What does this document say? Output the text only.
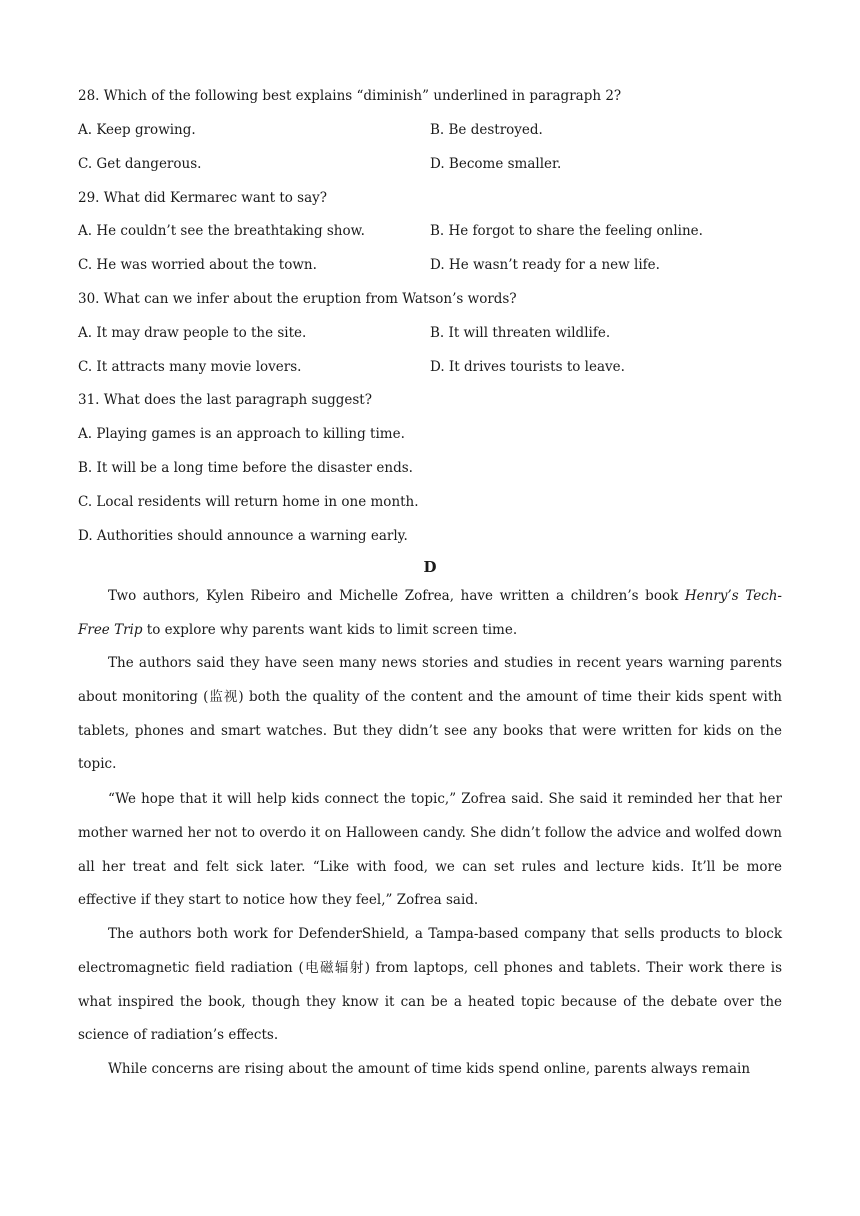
28. Which of the following best explains “diminish” underlined in paragraph 2?
A. Keep growing.	B. Be destroyed.
C. Get dangerous.	D. Become smaller.
29. What did Kermarec want to say?
A. He couldn’t see the breathtaking show.	B. He forgot to share the feeling online.
C. He was worried about the town.	D. He wasn’t ready for a new life.
30. What can we infer about the eruption from Watson’s words?
A. It may draw people to the site.	B. It will threaten wildlife.
C. It attracts many movie lovers.	D. It drives tourists to leave.
31. What does the last paragraph suggest?
A. Playing games is an approach to killing time.
B. It will be a long time before the disaster ends.
C. Local residents will return home in one month.
D. Authorities should announce a warning early.
D
Two authors, Kylen Ribeiro and Michelle Zofrea, have written a children’s book Henry’s Tech-Free Trip to explore why parents want kids to limit screen time.
The authors said they have seen many news stories and studies in recent years warning parents about monitoring (监视) both the quality of the content and the amount of time their kids spent with tablets, phones and smart watches. But they didn’t see any books that were written for kids on the topic.
“We hope that it will help kids connect the topic,” Zofrea said. She said it reminded her that her mother warned her not to overdo it on Halloween candy. She didn’t follow the advice and wolfed down all her treat and felt sick later. “Like with food, we can set rules and lecture kids. It’ll be more effective if they start to notice how they feel,” Zofrea said.
The authors both work for DefenderShield, a Tampa-based company that sells products to block electromagnetic field radiation (电磁辐射) from laptops, cell phones and tablets. Their work there is what inspired the book, though they know it can be a heated topic because of the debate over the science of radiation’s effects.
While concerns are rising about the amount of time kids spend online, parents always remain
